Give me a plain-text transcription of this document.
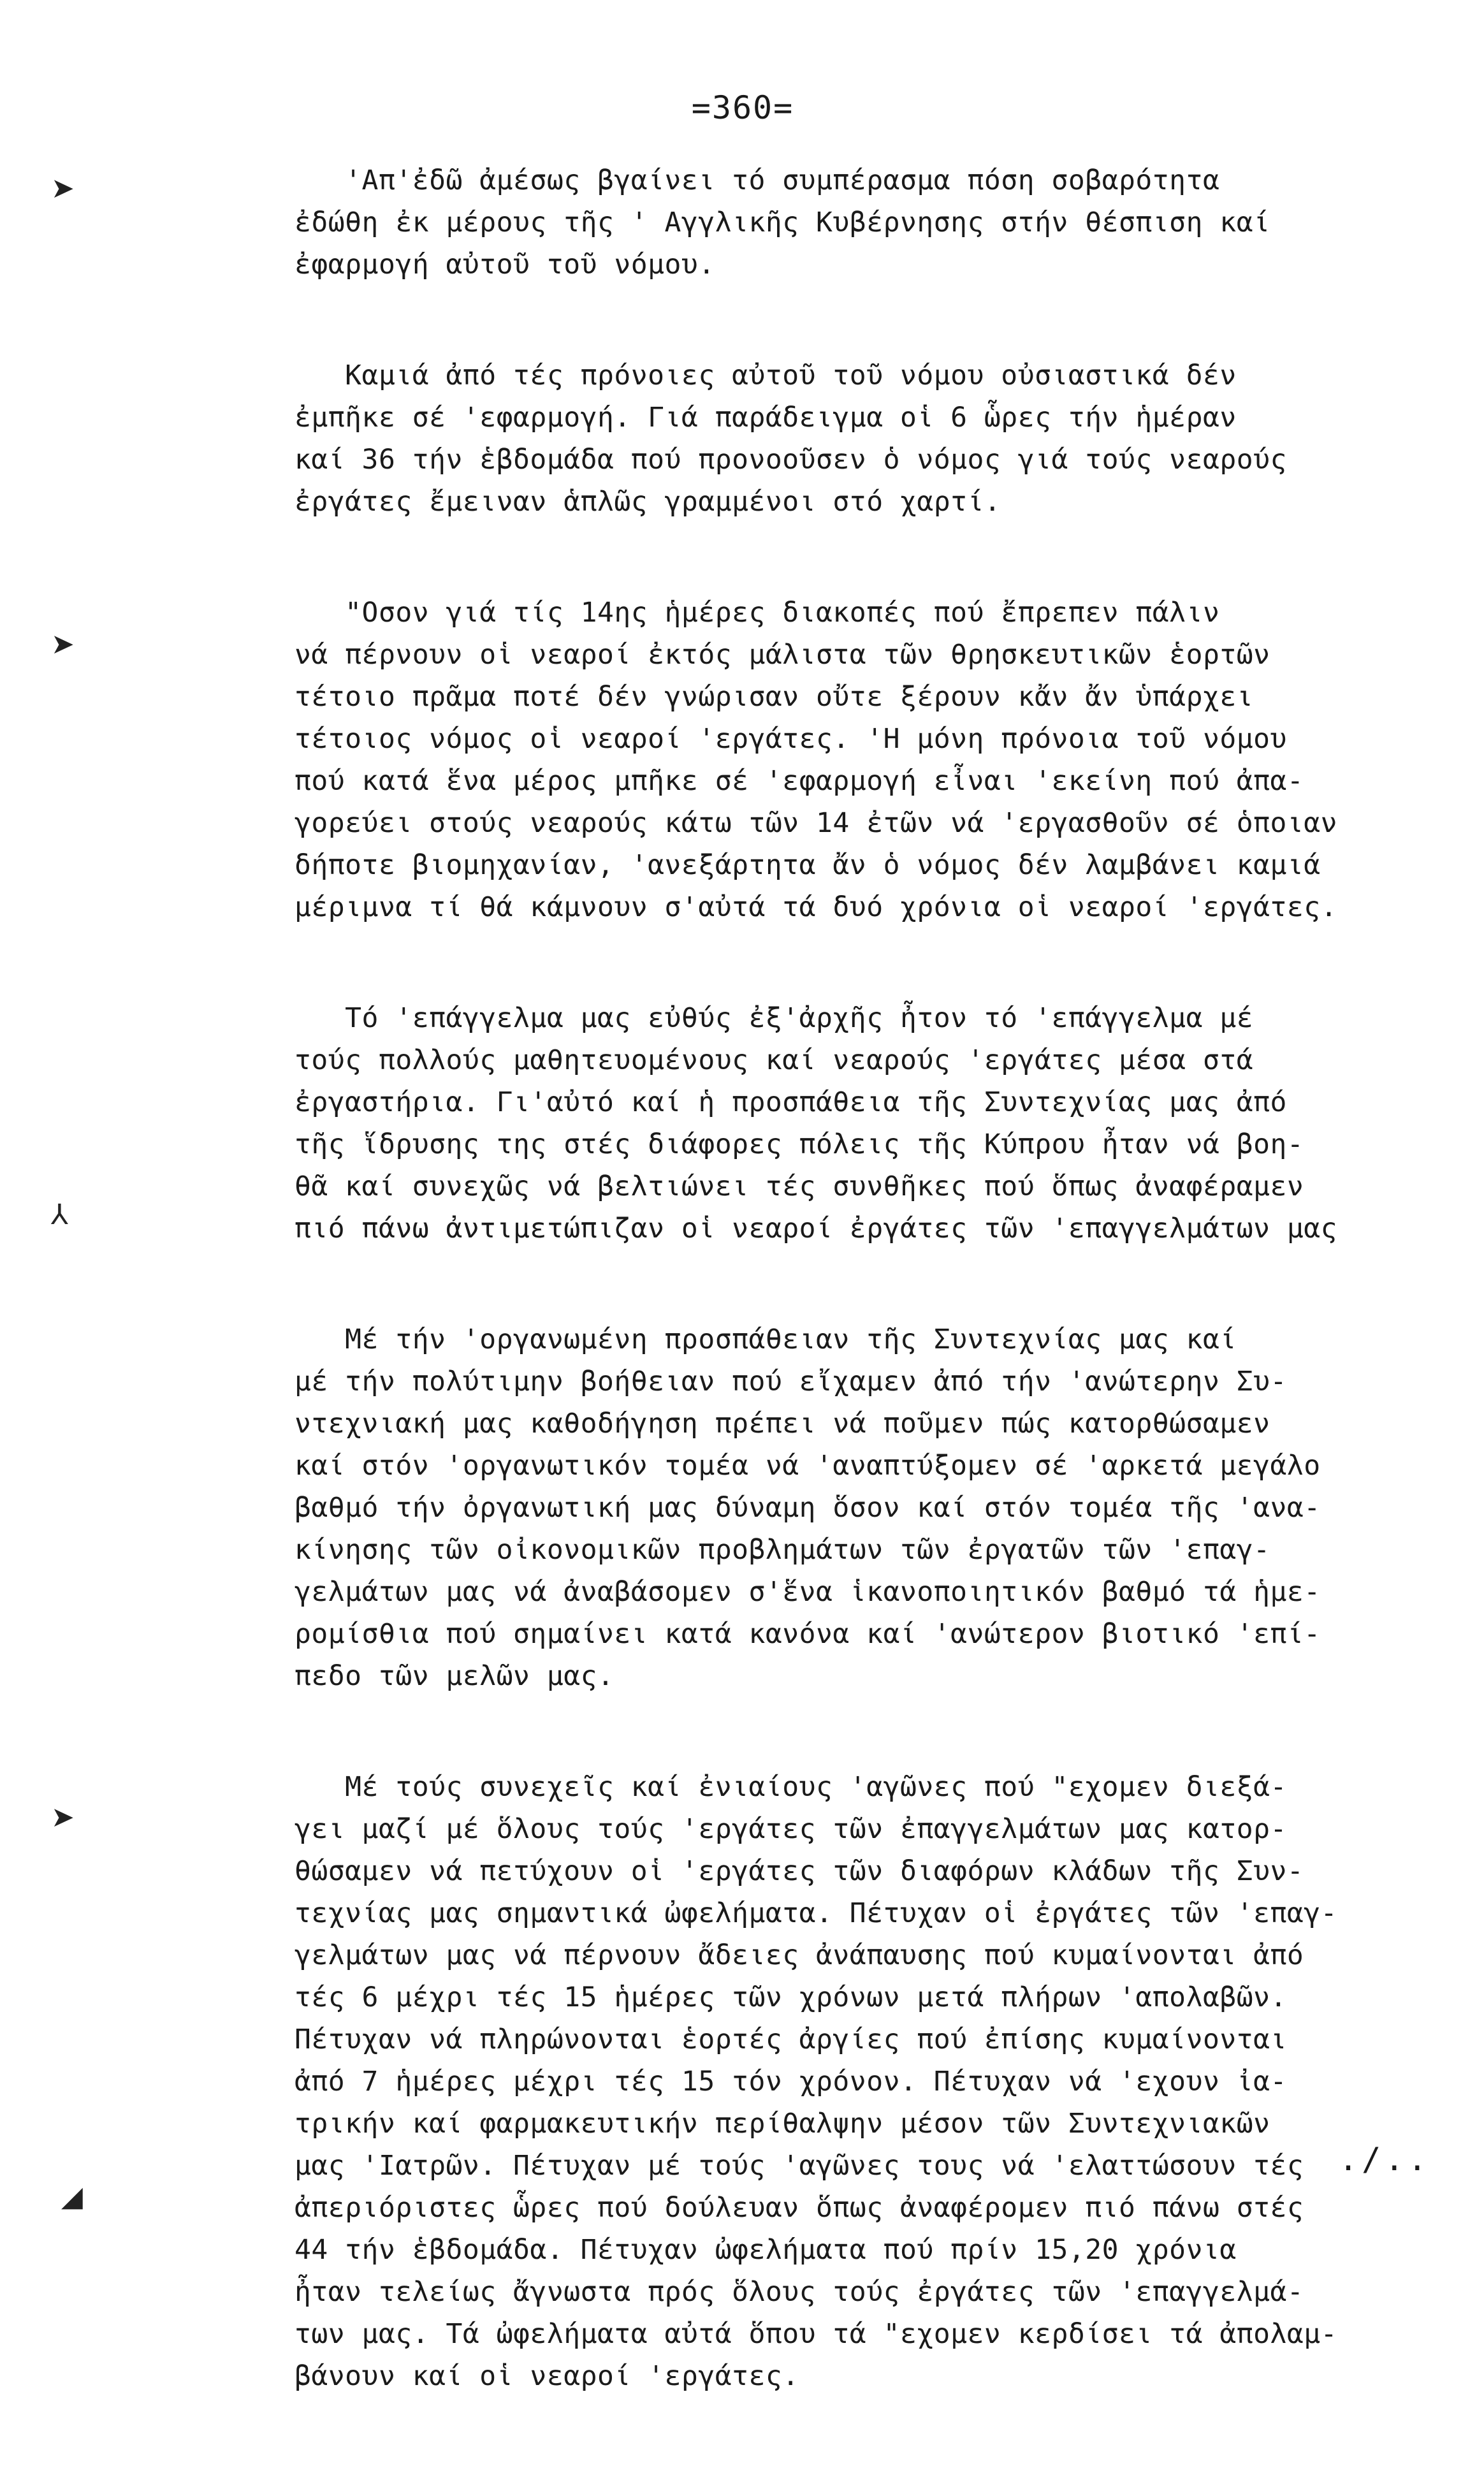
=360=
'Απ'ἐδῶ ἀμέσως βγαίνει τό συμπέρασμα πόση σοβαρότητα
ἐδώθη ἐκ μέρους τῆς ' Αγγλικῆς Κυβέρνησης στήν θέσπιση καί
ἐφαρμογή αὐτοῦ τοῦ νόμου.
Καμιά ἀπό τές πρόνοιες αὐτοῦ τοῦ νόμου οὐσιαστικά δέν
ἐμπῆκε σέ 'εφαρμογή. Γιά παράδειγμα οἱ 6 ὧρες τήν ἡμέραν
καί 36 τήν ἑβδομάδα πού προνοοῦσεν ὁ νόμος γιά τούς νεαρούς
ἐργάτες ἔμειναν ἁπλῶς γραμμένοι στό χαρτί.
"Οσον γιά τίς 14ης ἡμέρες διακοπές πού ἔπρεπεν πάλιν
νά πέρνουν οἱ νεαροί ἐκτός μάλιστα τῶν θρησκευτικῶν ἑορτῶν
τέτοιο πρᾶμα ποτέ δέν γνώρισαν οὔτε ξέρουν κἄν ἄν ὑπάρχει
τέτοιος νόμος οἱ νεαροί 'εργάτες. 'Η μόνη πρόνοια τοῦ νόμου
πού κατά ἕνα μέρος μπῆκε σέ 'εφαρμογή εἶναι 'εκείνη πού ἀπα-
γορεύει στούς νεαρούς κάτω τῶν 14 ἐτῶν νά 'εργασθοῦν σέ ὁποιαν
δήποτε βιομηχανίαν, 'ανεξάρτητα ἄν ὁ νόμος δέν λαμβάνει καμιά
μέριμνα τί θά κάμνουν σ'αὐτά τά δυό χρόνια οἱ νεαροί 'εργάτες.
Τό 'επάγγελμα μας εὐθύς ἐξ'ἀρχῆς ἦτον τό 'επάγγελμα μέ
τούς πολλούς μαθητευομένους καί νεαρούς 'εργάτες μέσα στά
ἐργαστήρια. Γι'αὐτό καί ἡ προσπάθεια τῆς Συντεχνίας μας ἀπό
τῆς ἵδρυσης της στές διάφορες πόλεις τῆς Κύπρου ἦταν νά βοη-
θᾶ καί συνεχῶς νά βελτιώνει τές συνθῆκες πού ὅπως ἀναφέραμεν
πιό πάνω ἀντιμετώπιζαν οἱ νεαροί ἐργάτες τῶν 'επαγγελμάτων μας
Μέ τήν 'οργανωμένη προσπάθειαν τῆς Συντεχνίας μας καί
μέ τήν πολύτιμην βοήθειαν πού εἴχαμεν ἀπό τήν 'ανώτερην Συ-
ντεχνιακή μας καθοδήγηση πρέπει νά ποῦμεν πώς κατορθώσαμεν
καί στόν 'οργανωτικόν τομέα νά 'αναπτύξομεν σέ 'αρκετά μεγάλο
βαθμό τήν ὀργανωτική μας δύναμη ὅσον καί στόν τομέα τῆς 'ανα-
κίνησης τῶν οἰκονομικῶν προβλημάτων τῶν ἐργατῶν τῶν 'επαγ-
γελμάτων μας νά ἀναβάσομεν σ'ἕνα ἱκανοποιητικόν βαθμό τά ἡμε-
ρομίσθια πού σημαίνει κατά κανόνα καί 'ανώτερον βιοτικό 'επί-
πεδο τῶν μελῶν μας.
Μέ τούς συνεχεῖς καί ἐνιαίους 'αγῶνες πού "εχομεν διεξά-
γει μαζί μέ ὅλους τούς 'εργάτες τῶν ἐπαγγελμάτων μας κατορ-
θώσαμεν νά πετύχουν οἱ 'εργάτες τῶν διαφόρων κλάδων τῆς Συν-
τεχνίας μας σημαντικά ὠφελήματα. Πέτυχαν οἱ ἐργάτες τῶν 'επαγ-
γελμάτων μας νά πέρνουν ἄδειες ἀνάπαυσης πού κυμαίνονται ἀπό
τές 6 μέχρι τές 15 ἡμέρες τῶν χρόνων μετά πλήρων 'απολαβῶν.
Πέτυχαν νά πληρώνονται ἑορτές ἀργίες πού ἐπίσης κυμαίνονται
ἀπό 7 ἡμέρες μέχρι τές 15 τόν χρόνον. Πέτυχαν νά 'εχουν ἰα-
τρικήν καί φαρμακευτικήν περίθαλψην μέσον τῶν Συντεχνιακῶν
μας 'Ιατρῶν. Πέτυχαν μέ τούς 'αγῶνες τους νά 'ελαττώσουν τές
ἀπεριόριστες ὧρες πού δούλευαν ὅπως ἀναφέρομεν πιό πάνω στές
44 τήν ἑβδομάδα. Πέτυχαν ὠφελήματα πού πρίν 15,20 χρόνια
ἦταν τελείως ἄγνωστα πρός ὅλους τούς ἐργάτες τῶν 'επαγγελμά-
των μας. Τά ὠφελήματα αὐτά ὅπου τά "εχομεν κερδίσει τά ἀπολαμ-
βάνουν καί οἱ νεαροί 'εργάτες.
./..
➤
➤
⅄
➤
◢
